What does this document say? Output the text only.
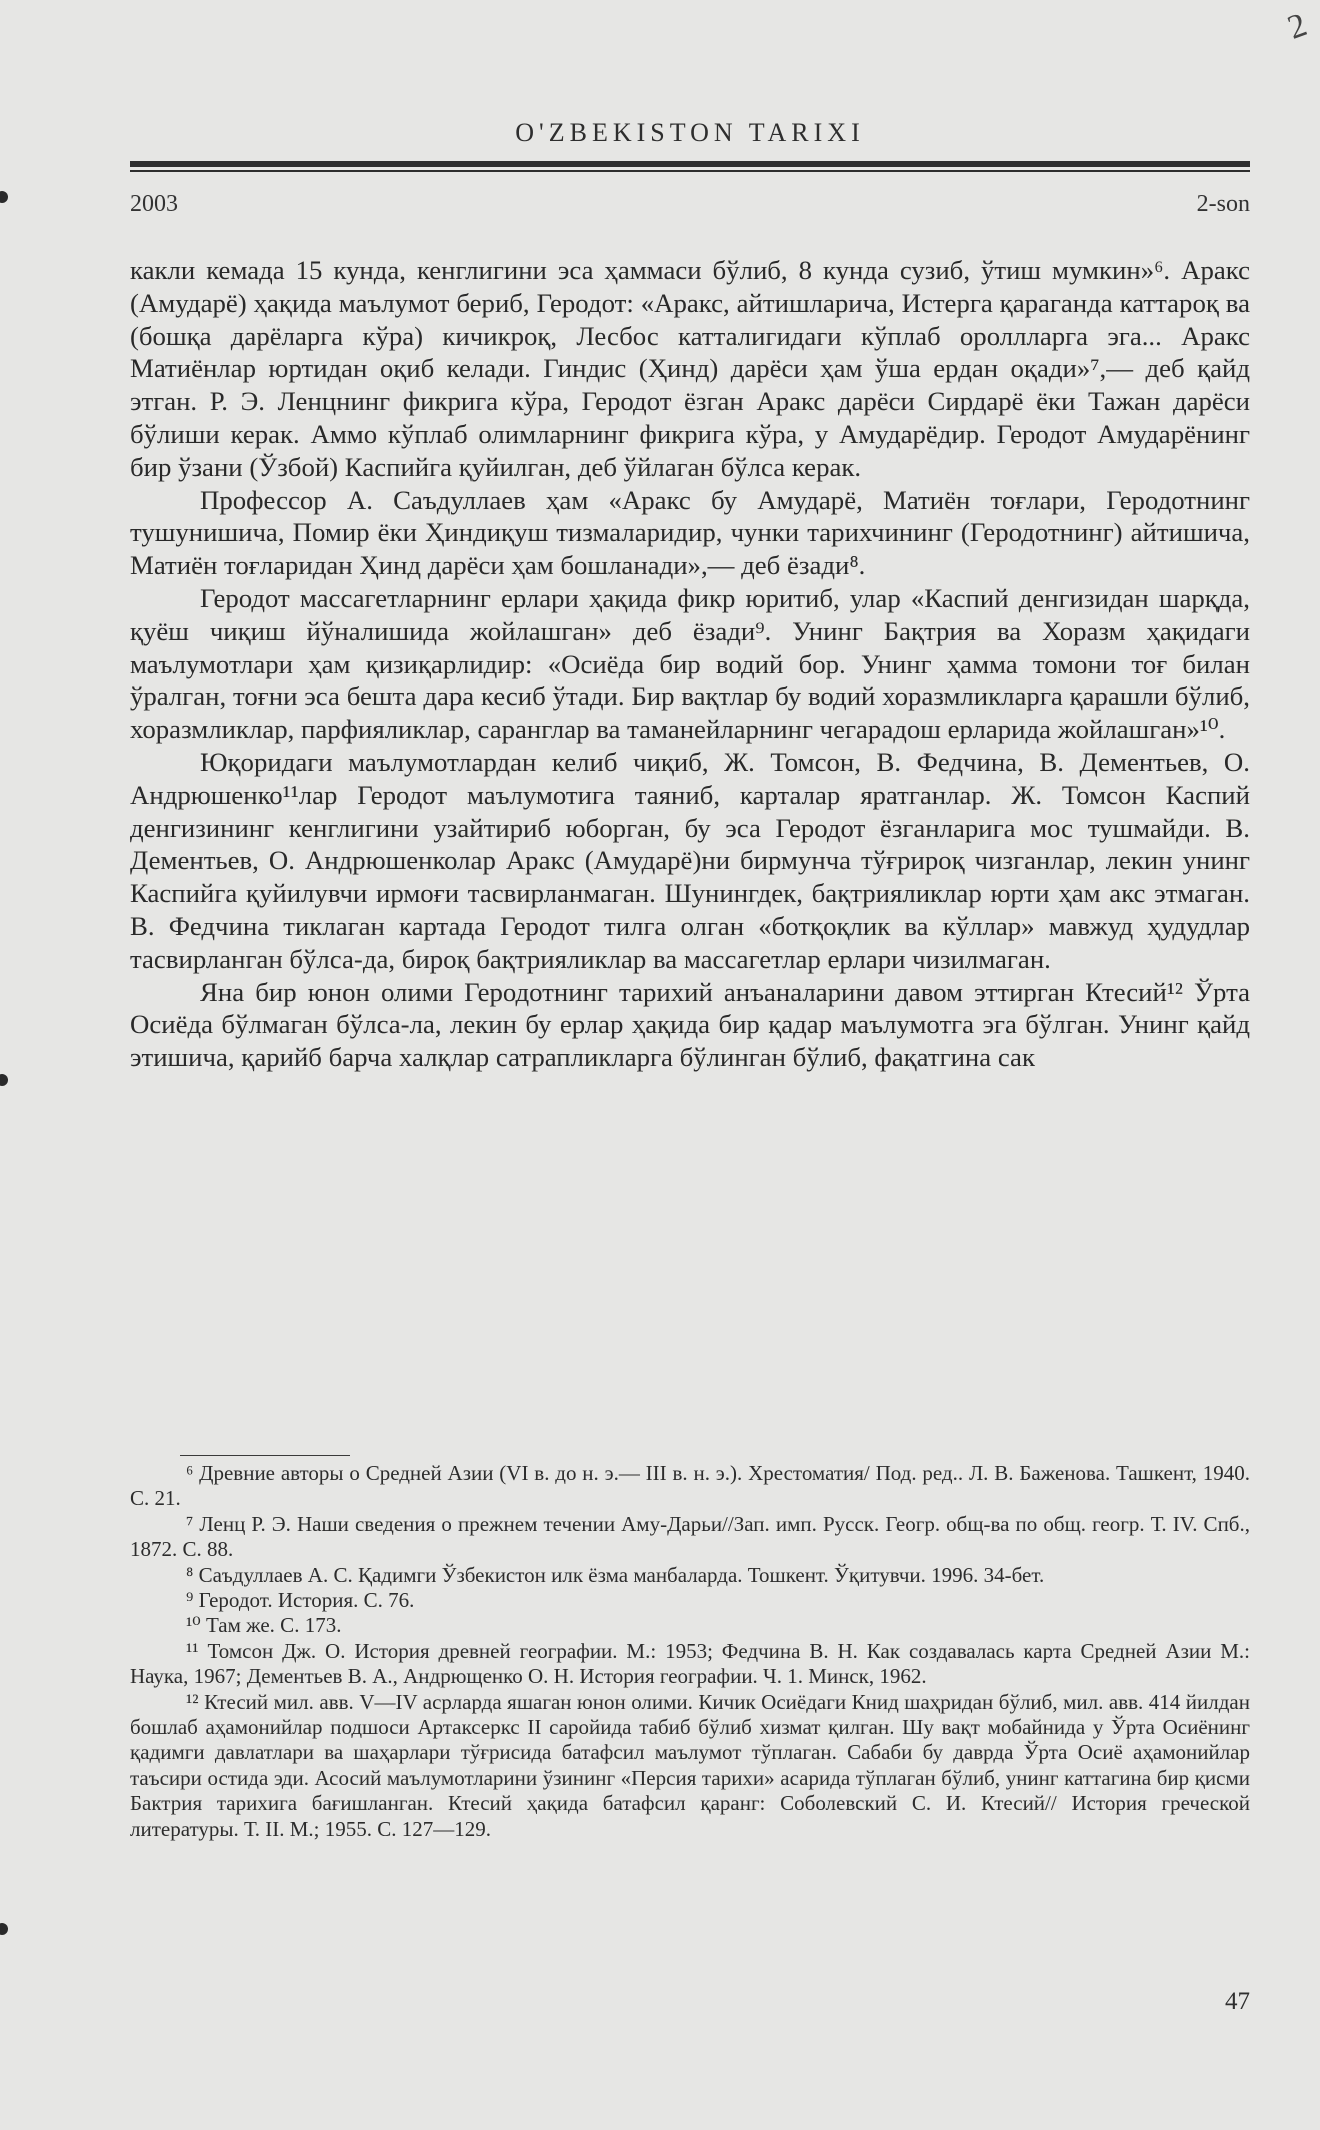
2
O'ZBEKISTON TARIXI
2003	2-son

какли кемада 15 кунда, кенглигини эса ҳаммаси бўлиб, 8 кунда сузиб, ўтиш мумкин»⁶. Аракс (Амударё) ҳақида маълумот бериб, Геродот: «Аракс, айтишларича, Истерга қараганда каттароқ ва (бошқа дарёларга кўра) кичикроқ, Лесбос катталигидаги кўплаб ороллларга эга... Аракс Матиёнлар юртидан оқиб келади. Гиндис (Ҳинд) дарёси ҳам ўша ердан оқади»⁷,— деб қайд этган. Р. Э. Ленцнинг фикрига кўра, Геродот ёзган Аракс дарёси Сирдарё ёки Тажан дарёси бўлиши керак. Аммо кўплаб олимларнинг фикрига кўра, у Амударёдир. Геродот Амударёнинг бир ўзани (Ўзбой) Каспийга қуйилган, деб ўйлаган бўлса керак.

Профессор А. Саъдуллаев ҳам «Аракс бу Амударё, Матиён тоғлари, Геродотнинг тушунишича, Помир ёки Ҳиндиқуш тизмаларидир, чунки тарихчининг (Геродотнинг) айтишича, Матиён тоғларидан Ҳинд дарёси ҳам бошланади»,— деб ёзади⁸.

Геродот массагетларнинг ерлари ҳақида фикр юритиб, улар «Каспий денгизидан шарқда, қуёш чиқиш йўналишида жойлашган» деб ёзади⁹. Унинг Бақтрия ва Хоразм ҳақидаги маълумотлари ҳам қизиқарлидир: «Осиёда бир водий бор. Унинг ҳамма томони тоғ билан ўралган, тоғни эса бешта дара кесиб ўтади. Бир вақтлар бу водий хоразмликларга қарашли бўлиб, хоразмликлар, парфияликлар, саранглар ва таманейларнинг чегарадош ерларида жойлашган»¹⁰.

Юқоридаги маълумотлардан келиб чиқиб, Ж. Томсон, В. Федчина, В. Дементьев, О. Андрюшенко¹¹лар Геродот маълумотига таяниб, карталар яратганлар. Ж. Томсон Каспий денгизининг кенглигини узайтириб юборган, бу эса Геродот ёзганларига мос тушмайди. В. Дементьев, О. Андрюшенколар Аракс (Амударё)ни бирмунча тўғрироқ чизганлар, лекин унинг Каспийга қуйилувчи ирмоғи тасвирланмаган. Шунингдек, бақтрияликлар юрти ҳам акс этмаган. В. Федчина тиклаган картада Геродот тилга олган «ботқоқлик ва кўллар» мавжуд ҳудудлар тасвирланган бўлса-да, бироқ бақтрияликлар ва массагетлар ерлари чизилмаган.

Яна бир юнон олими Геродотнинг тарихий анъаналарини давом эттирган Ктесий¹² Ўрта Осиёда бўлмаган бўлса-ла, лекин бу ерлар ҳақида бир қадар маълумотга эга бўлган. Унинг қайд этишича, қарийб барча халқлар сатрапликларга бўлинган бўлиб, фақатгина сак

⁶ Древние авторы о Средней Азии (VI в. до н. э.— III в. н. э.). Хрестоматия/ Под. ред.. Л. В. Баженова. Ташкент, 1940. С. 21.

⁷ Ленц Р. Э. Наши сведения о прежнем течении Аму-Дарьи//Зап. имп. Русск. Геогр. общ-ва по общ. геогр. Т. IV. Спб., 1872. С. 88.

⁸ Саъдуллаев А. С. Қадимги Ўзбекистон илк ёзма манбаларда. Тошкент. Ўқитувчи. 1996. 34-бет.

⁹ Геродот. История. С. 76.

¹⁰ Там же. С. 173.

¹¹ Томсон Дж. О. История древней географии. М.: 1953; Федчина В. Н. Как создавалась карта Средней Азии М.: Наука, 1967; Дементьев В. А., Андрющенко О. Н. История географии. Ч. 1. Минск, 1962.

¹² Ктесий мил. авв. V—IV асрларда яшаган юнон олими. Кичик Осиёдаги Книд шаҳридан бўлиб, мил. авв. 414 йилдан бошлаб аҳамонийлар подшоси Артаксеркс II саройида табиб бўлиб хизмат қилган. Шу вақт мобайнида у Ўрта Осиёнинг қадимги давлатлари ва шаҳарлари тўғрисида батафсил маълумот тўплаган. Сабаби бу даврда Ўрта Осиё аҳамонийлар таъсири остида эди. Асосий маълумотларини ўзининг «Персия тарихи» асарида тўплаган бўлиб, унинг каттагина бир қисми Бактрия тарихига бағишланган. Ктесий ҳақида батафсил қаранг: Соболевский С. И. Ктесий// История греческой литературы. Т. II. М.; 1955. С. 127—129.

47
